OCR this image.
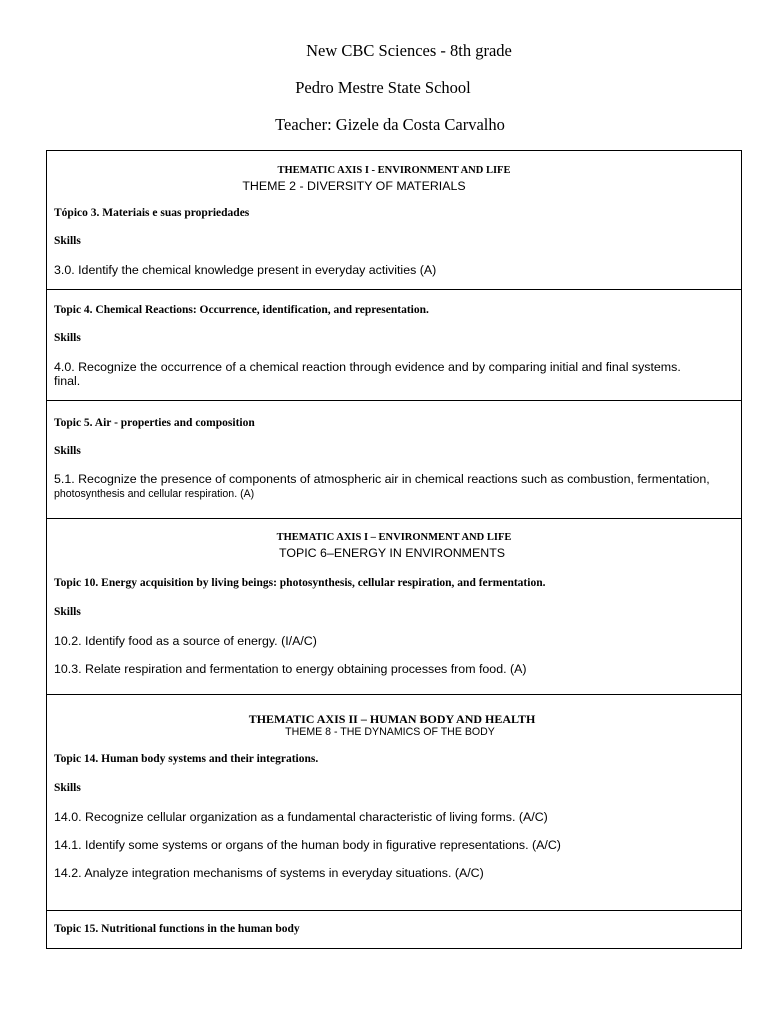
New CBC Sciences - 8th grade
Pedro Mestre State School
Teacher: Gizele da Costa Carvalho
THEMATIC AXIS I - ENVIRONMENT AND LIFE
THEME 2 - DIVERSITY OF MATERIALS
Tópico 3. Materiais e suas propriedades
Skills
3.0. Identify the chemical knowledge present in everyday activities (A)
Topic 4. Chemical Reactions: Occurrence, identification, and representation.
Skills
4.0. Recognize the occurrence of a chemical reaction through evidence and by comparing initial and final systems.
final.
Topic 5. Air - properties and composition
Skills
5.1. Recognize the presence of components of atmospheric air in chemical reactions such as combustion, fermentation,
photosynthesis and cellular respiration. (A)
THEMATIC AXIS I – ENVIRONMENT AND LIFE
TOPIC 6–ENERGY IN ENVIRONMENTS
Topic 10. Energy acquisition by living beings: photosynthesis, cellular respiration, and fermentation.
Skills
10.2. Identify food as a source of energy. (I/A/C)
10.3. Relate respiration and fermentation to energy obtaining processes from food. (A)
THEMATIC AXIS II – HUMAN BODY AND HEALTH
THEME 8 - THE DYNAMICS OF THE BODY
Topic 14. Human body systems and their integrations.
Skills
14.0. Recognize cellular organization as a fundamental characteristic of living forms. (A/C)
14.1. Identify some systems or organs of the human body in figurative representations. (A/C)
14.2. Analyze integration mechanisms of systems in everyday situations. (A/C)
Topic 15. Nutritional functions in the human body
